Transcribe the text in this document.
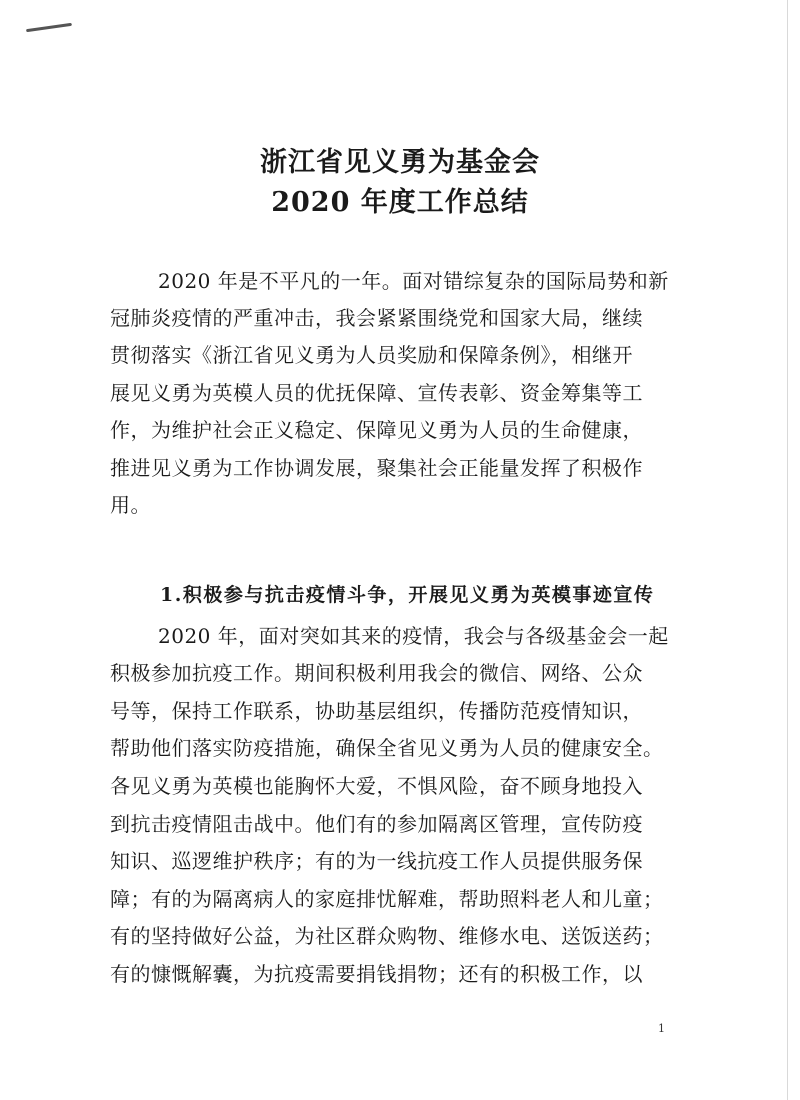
浙江省见义勇为基金会
2020 年度工作总结

2020 年是不平凡的一年。面对错综复杂的国际局势和新

冠肺炎疫情的严重冲击，我会紧紧围绕党和国家大局，继续

贯彻落实《浙江省见义勇为人员奖励和保障条例》，相继开

展见义勇为英模人员的优抚保障、宣传表彰、资金筹集等工

作，为维护社会正义稳定、保障见义勇为人员的生命健康，

推进见义勇为工作协调发展，聚集社会正能量发挥了积极作

用。

1.积极参与抗击疫情斗争，开展见义勇为英模事迹宣传

2020 年，面对突如其来的疫情，我会与各级基金会一起

积极参加抗疫工作。期间积极利用我会的微信、网络、公众

号等，保持工作联系，协助基层组织，传播防范疫情知识，

帮助他们落实防疫措施，确保全省见义勇为人员的健康安全。

各见义勇为英模也能胸怀大爱，不惧风险，奋不顾身地投入

到抗击疫情阻击战中。他们有的参加隔离区管理，宣传防疫

知识、巡逻维护秩序；有的为一线抗疫工作人员提供服务保

障；有的为隔离病人的家庭排忧解难，帮助照料老人和儿童；

有的坚持做好公益，为社区群众购物、维修水电、送饭送药；

有的慷慨解囊，为抗疫需要捐钱捐物；还有的积极工作，以

1
